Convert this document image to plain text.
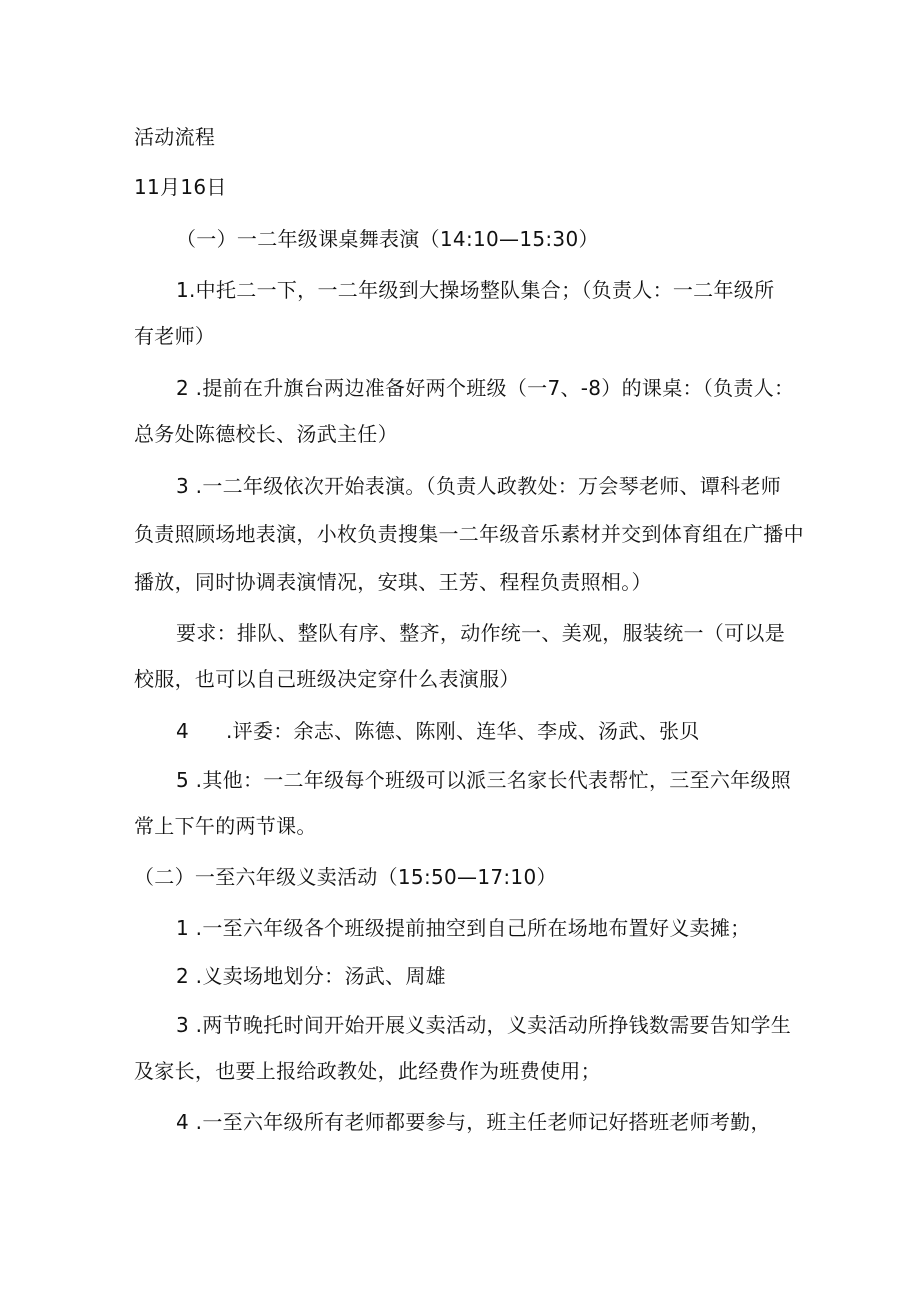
活动流程
11月16日
（一）一二年级课桌舞表演（14:10—15:30）
1.中托二一下，一二年级到大操场整队集合；（负责人：一二年级所
有老师）
2 .提前在升旗台两边准备好两个班级（一7、-8）的课桌：（负责人：
总务处陈德校长、汤武主任）
3 .一二年级依次开始表演。（负责人政教处：万会琴老师、谭科老师
负责照顾场地表演，小枚负责搜集一二年级音乐素材并交到体育组在广播中
播放，同时协调表演情况，安琪、王芳、程程负责照相。）
要求：排队、整队有序、整齐，动作统一、美观，服装统一（可以是
校服，也可以自己班级决定穿什么表演服）
4 .评委：余志、陈德、陈刚、连华、李成、汤武、张贝
5 .其他：一二年级每个班级可以派三名家长代表帮忙，三至六年级照
常上下午的两节课。
（二）一至六年级义卖活动（15:50—17:10）
1 .一至六年级各个班级提前抽空到自己所在场地布置好义卖摊；
2 .义卖场地划分：汤武、周雄
3 .两节晚托时间开始开展义卖活动，义卖活动所挣钱数需要告知学生
及家长，也要上报给政教处，此经费作为班费使用；
4 .一至六年级所有老师都要参与，班主任老师记好搭班老师考勤，
